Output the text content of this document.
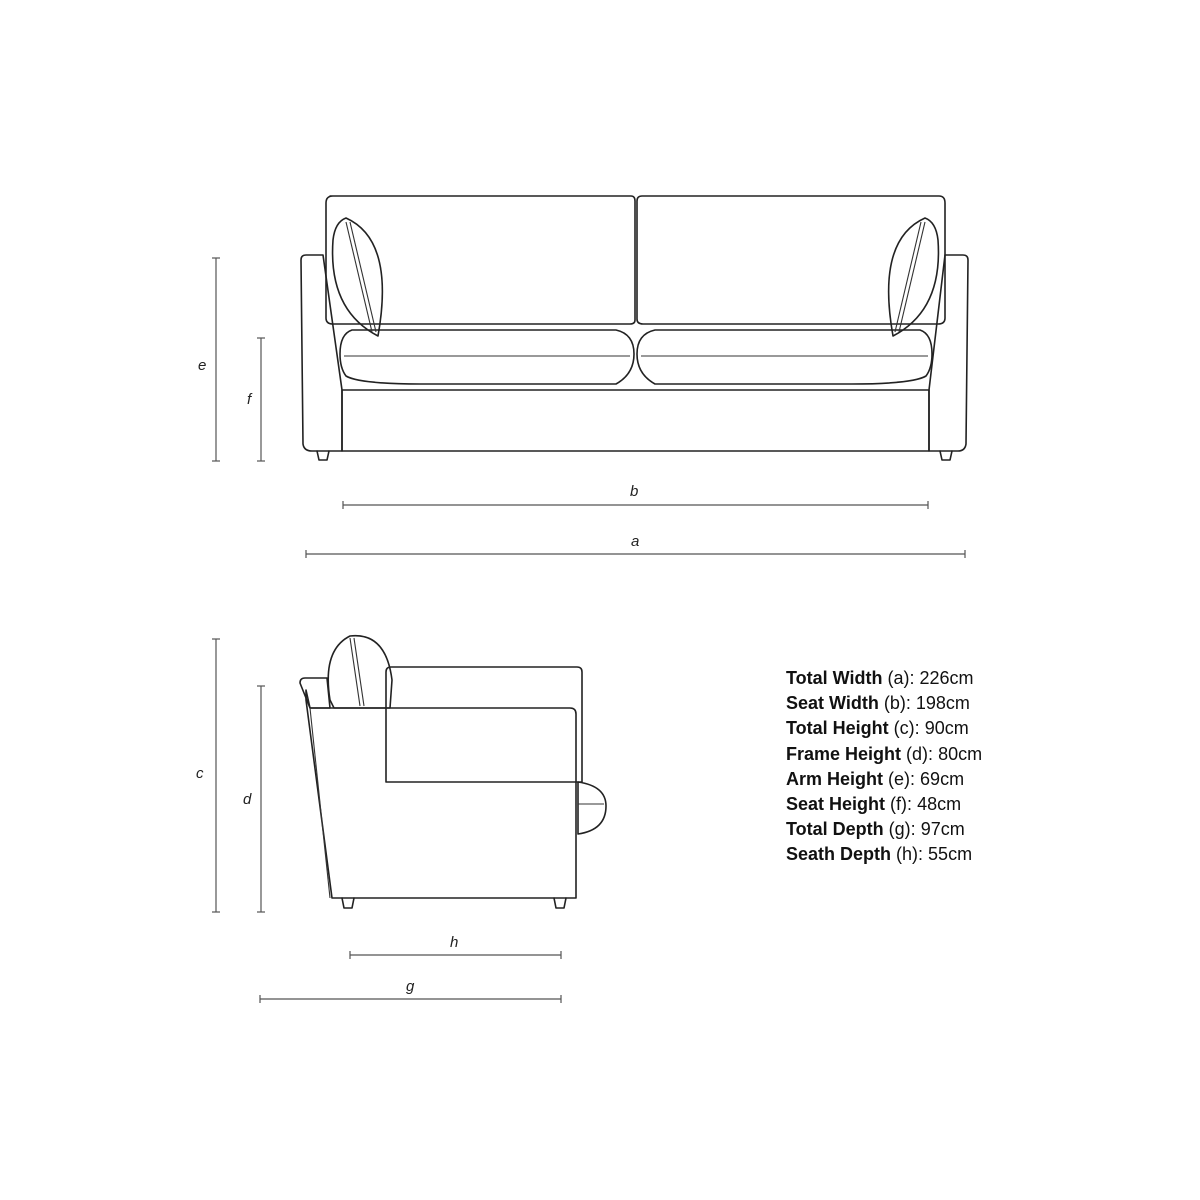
e
f
b
a
c
d
h
g
Total Width (a): 226cm
Seat Width (b): 198cm
Total Height (c): 90cm
Frame Height (d): 80cm
Arm Height (e): 69cm
Seat Height (f): 48cm
Total Depth (g): 97cm
Seath Depth (h): 55cm
